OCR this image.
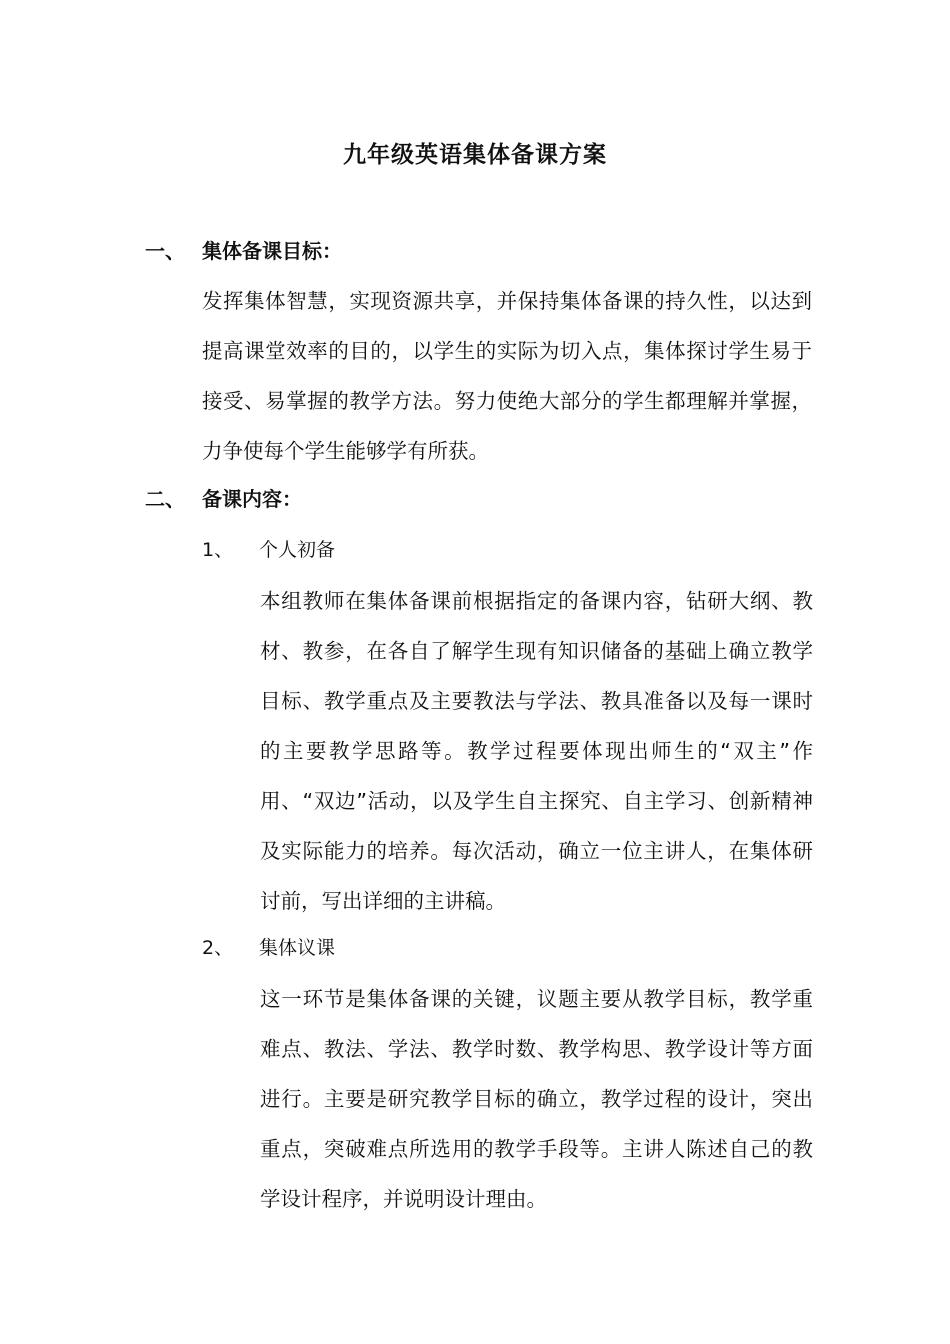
九年级英语集体备课方案
一、 集体备课目标：

发挥集体智慧，实现资源共享，并保持集体备课的持久性，以达到提高课堂效率的目的，以学生的实际为切入点，集体探讨学生易于接受、易掌握的教学方法。努力使绝大部分的学生都理解并掌握，力争使每个学生能够学有所获。

二、 备课内容：
1、 个人初备

本组教师在集体备课前根据指定的备课内容，钻研大纲、教材、教参，在各自了解学生现有知识储备的基础上确立教学目标、教学重点及主要教法与学法、教具准备以及每一课时的主要教学思路等。教学过程要体现出师生的“双主”作用、“双边”活动，以及学生自主探究、自主学习、创新精神及实际能力的培养。每次活动，确立一位主讲人，在集体研讨前，写出详细的主讲稿。

2、 集体议课

这一环节是集体备课的关键，议题主要从教学目标，教学重难点、教法、学法、教学时数、教学构思、教学设计等方面进行。主要是研究教学目标的确立，教学过程的设计，突出重点，突破难点所选用的教学手段等。主讲人陈述自己的教学设计程序，并说明设计理由。
